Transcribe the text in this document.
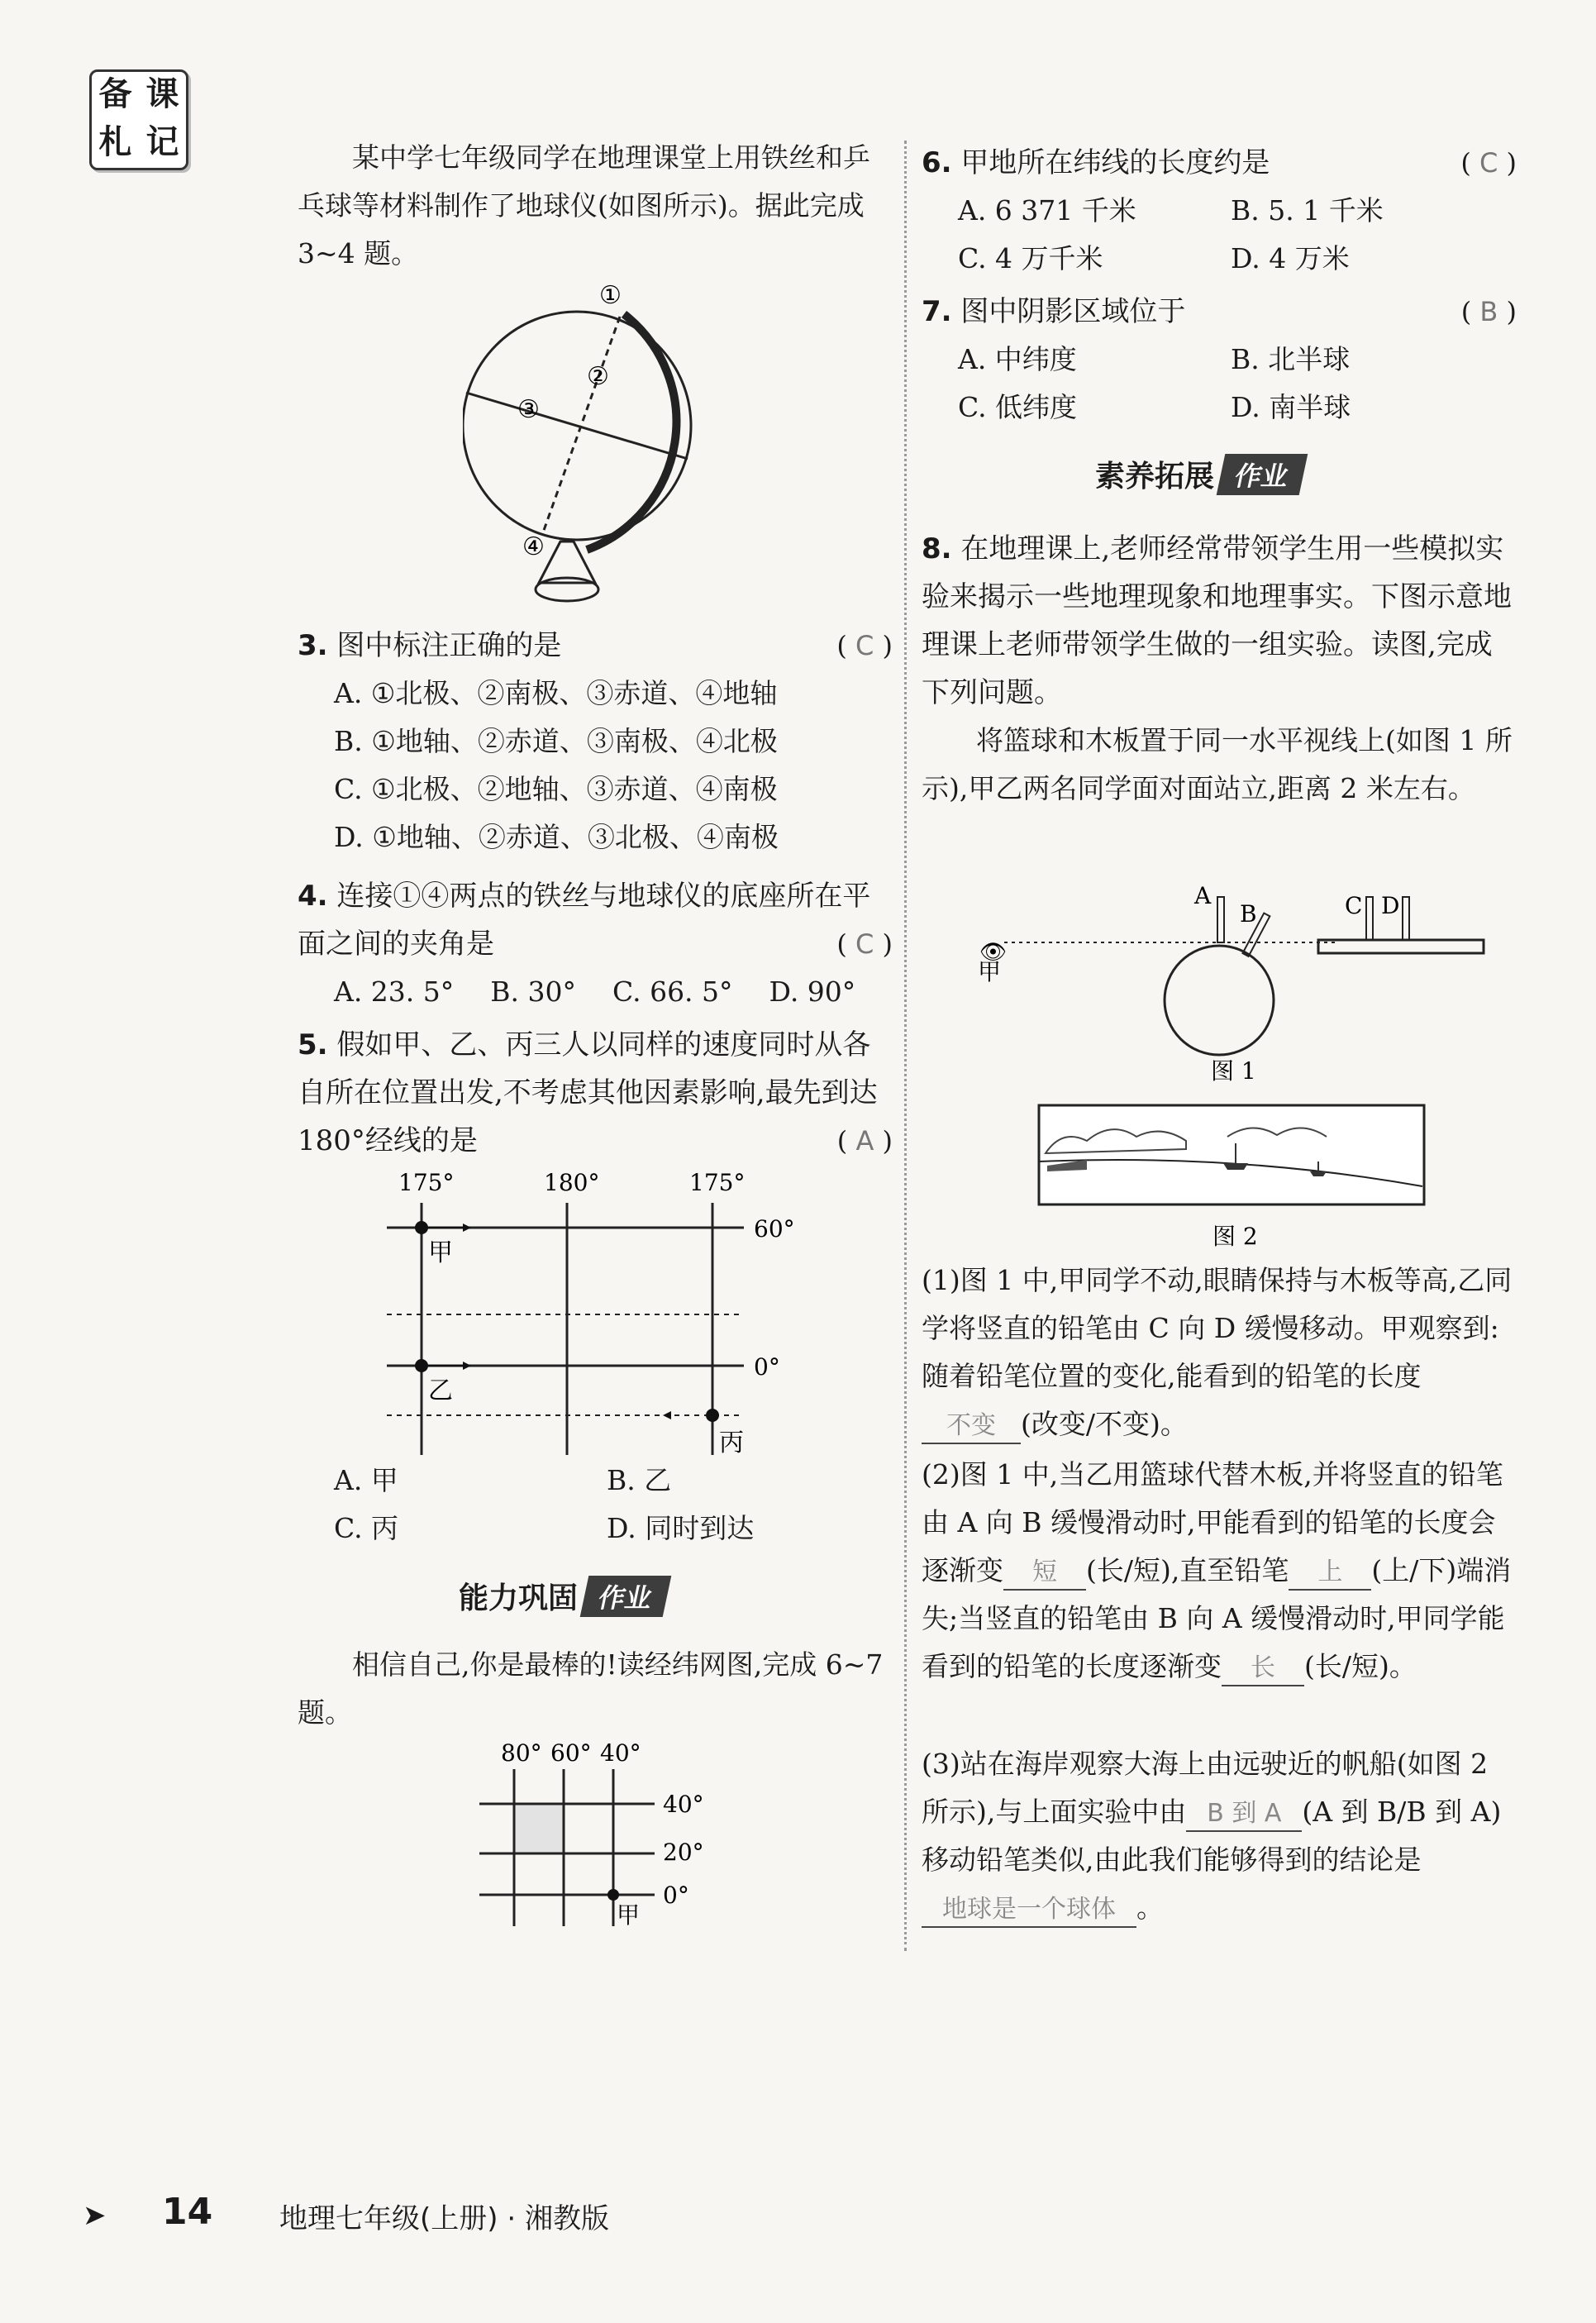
备 课
札 记	某中学七年级同学在地理课堂上用铁丝和乒乓球等材料制作了地球仪(如图所示)。据此完成 3~4 题。
①
②
③
④
3. 图中标注正确的是	( C )
A. ①北极、②南极、③赤道、④地轴
B. ①地轴、②赤道、③南极、④北极
C. ①北极、②地轴、③赤道、④南极
D. ①地轴、②赤道、③北极、④南极
4. 连接①④两点的铁丝与地球仪的底座所在平面之间的夹角是	( C )
A. 23. 5° B. 30° C. 66. 5° D. 90°
5. 假如甲、乙、丙三人以同样的速度同时从各自所在位置出发,不考虑其他因素影响,最先到达 180°经线的是	( A )
175°	180°	175°
60°
0°
甲
乙
丙
A. 甲	B. 乙
C. 丙	D. 同时到达
能力巩固 作业
相信自己,你是最棒的!读经纬网图,完成 6~7 题。
80° 60° 40°
40°
20°
0°
甲
6. 甲地所在纬线的长度约是	( C )
A. 6 371 千米	B. 5. 1 千米
C. 4 万千米	D. 4 万米
7. 图中阴影区域位于	( B )
A. 中纬度	B. 北半球
C. 低纬度	D. 南半球
素养拓展 作业
8. 在地理课上,老师经常带领学生用一些模拟实验来揭示一些地理现象和地理事实。下图示意地理课上老师带领学生做的一组实验。读图,完成下列问题。
将篮球和木板置于同一水平视线上(如图 1 所示),甲乙两名同学面对面站立,距离 2 米左右。
👁
甲
A
B	C D
图 1
图 2
(1)图 1 中,甲同学不动,眼睛保持与木板等高,乙同学将竖直的铅笔由 C 向 D 缓慢移动。甲观察到:随着铅笔位置的变化,能看到的铅笔的长度不变 (改变/不变)。
(2)图 1 中,当乙用篮球代替木板,并将竖直的铅笔由 A 向 B 缓慢滑动时,甲能看到的铅笔的长度会逐渐变 短 (长/短),直至铅笔 上 (上/下)端消失;当竖直的铅笔由 B 向 A 缓慢滑动时,甲同学能看到的铅笔的长度逐渐变 长 (长/短)。
(3)站在海岸观察大海上由远驶近的帆船(如图 2 所示),与上面实验中由 B 到 A (A 到 B/B 到 A)移动铅笔类似,由此我们能够得到的结论是地球是一个球体 。
➤ 14 地理七年级(上册) · 湘教版
